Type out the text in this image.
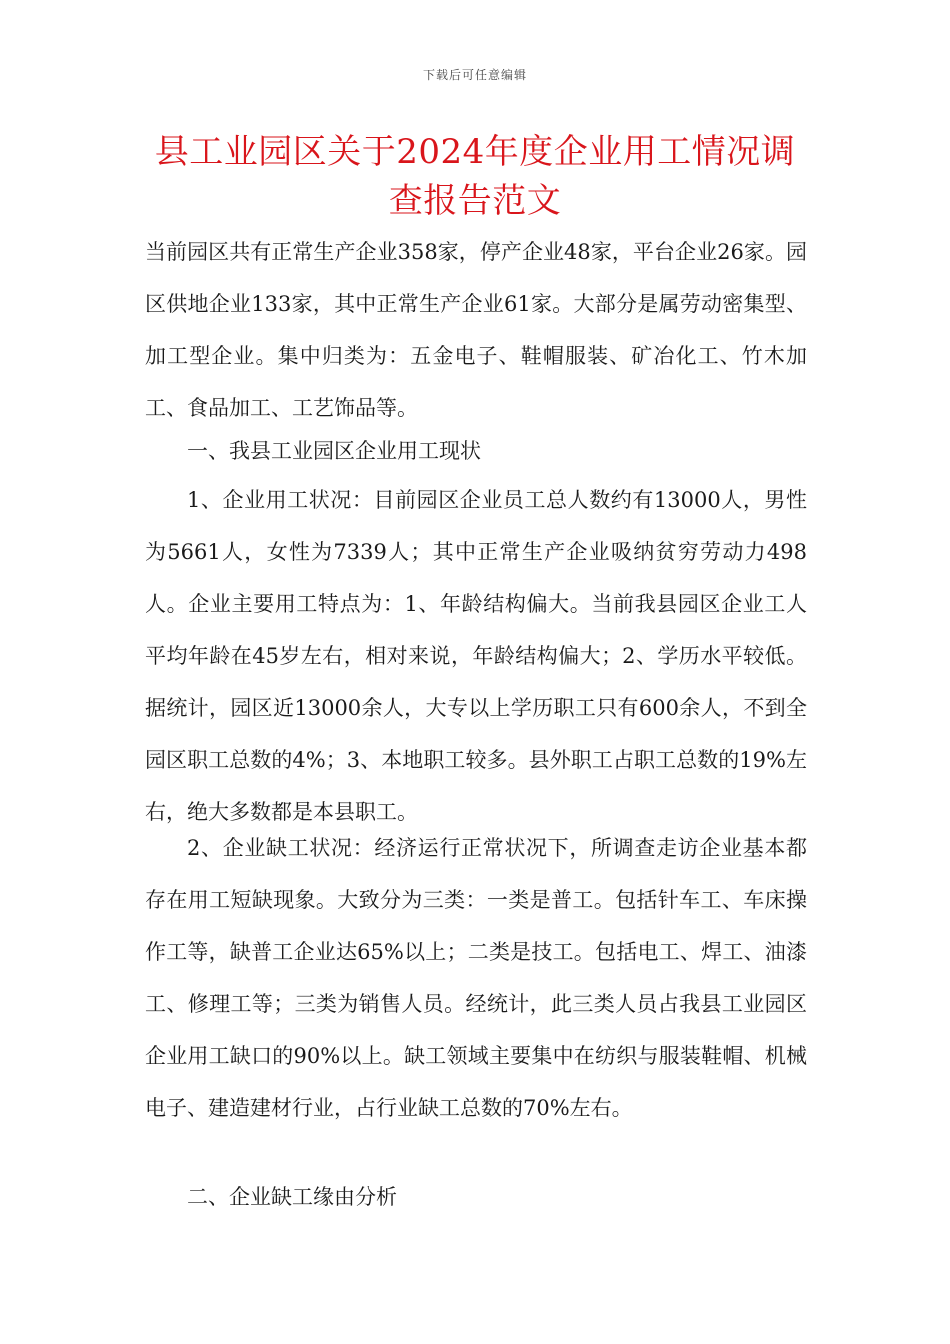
下载后可任意编辑
县工业园区关于2024年度企业用工情况调查报告范文

当前园区共有正常生产企业358家，停产企业48家，平台企业26家。园区供地企业133家，其中正常生产企业61家。大部分是属劳动密集型、加工型企业。集中归类为：五金电子、鞋帽服装、矿冶化工、竹木加工、食品加工、工艺饰品等。

一、我县工业园区企业用工现状

1、企业用工状况：目前园区企业员工总人数约有13000人，男性为5661人，女性为7339人；其中正常生产企业吸纳贫穷劳动力498人。企业主要用工特点为：1、年龄结构偏大。当前我县园区企业工人平均年龄在45岁左右，相对来说，年龄结构偏大；2、学历水平较低。据统计，园区近13000余人，大专以上学历职工只有600余人，不到全园区职工总数的4%；3、本地职工较多。县外职工占职工总数的19%左右，绝大多数都是本县职工。

2、企业缺工状况：经济运行正常状况下，所调查走访企业基本都存在用工短缺现象。大致分为三类：一类是普工。包括针车工、车床操作工等，缺普工企业达65%以上；二类是技工。包括电工、焊工、油漆工、修理工等；三类为销售人员。经统计，此三类人员占我县工业园区企业用工缺口的90%以上。缺工领域主要集中在纺织与服装鞋帽、机械电子、建造建材行业，占行业缺工总数的70%左右。

二、企业缺工缘由分析
